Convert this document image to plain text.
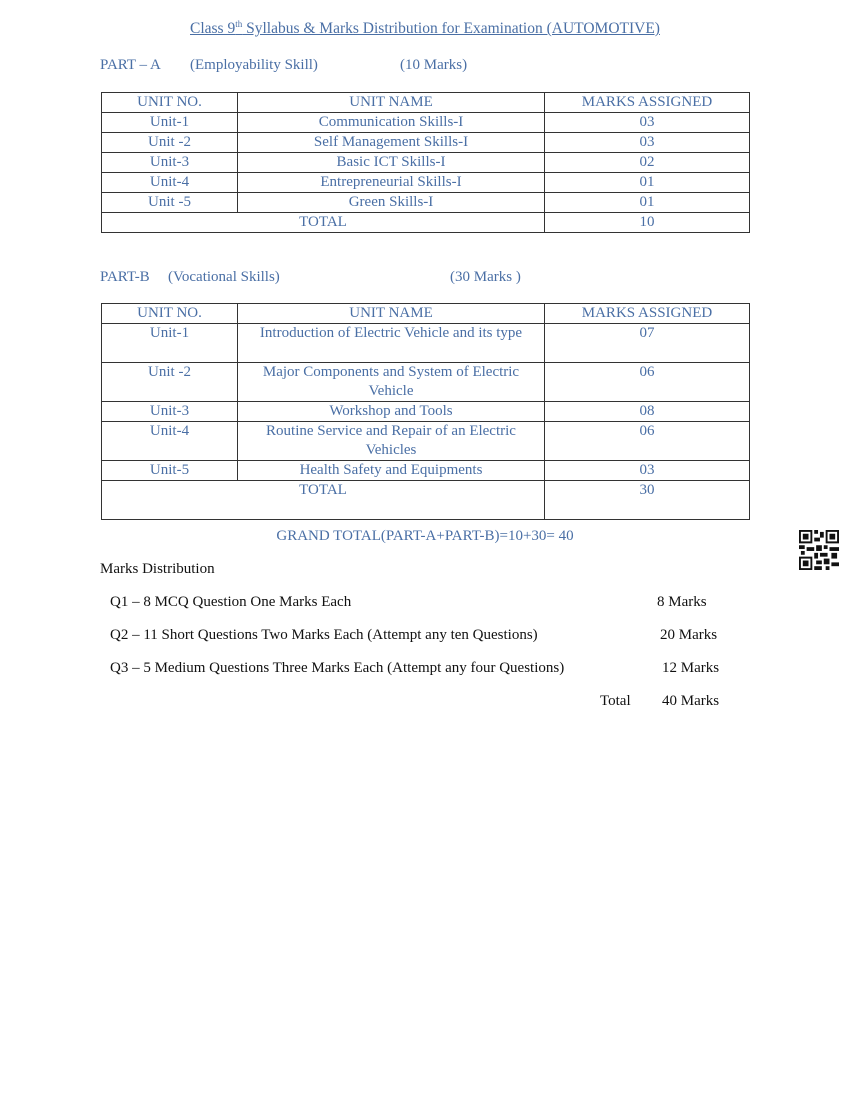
Class 9th Syllabus & Marks Distribution for Examination (AUTOMOTIVE)
PART – A (Employability Skill)	(10 Marks)
UNIT NO.	UNIT NAME	MARKS ASSIGNED
Unit-1	Communication Skills-I	03
Unit -2	Self Management Skills-I	03
Unit-3	Basic ICT Skills-I	02
Unit-4	Entrepreneurial Skills-I	01
Unit -5	Green Skills-I	01
TOTAL		10
PART-B (Vocational Skills)	(30 Marks )
UNIT NO.	UNIT NAME	MARKS ASSIGNED
Unit-1	Introduction of Electric Vehicle and its type	07
Unit -2	Major Components and System of Electric Vehicle	06
Unit-3	Workshop and Tools	08
Unit-4	Routine Service and Repair of an Electric Vehicles	06
Unit-5	Health Safety and Equipments	03
TOTAL		30
GRAND TOTAL(PART-A+PART-B)=10+30= 40
Marks Distribution
Q1 – 8 MCQ Question One Marks Each	8 Marks
Q2 – 11 Short Questions Two Marks Each (Attempt any ten Questions)	20 Marks
Q3 – 5 Medium Questions Three Marks Each (Attempt any four Questions)	12 Marks
Total 40 Marks
